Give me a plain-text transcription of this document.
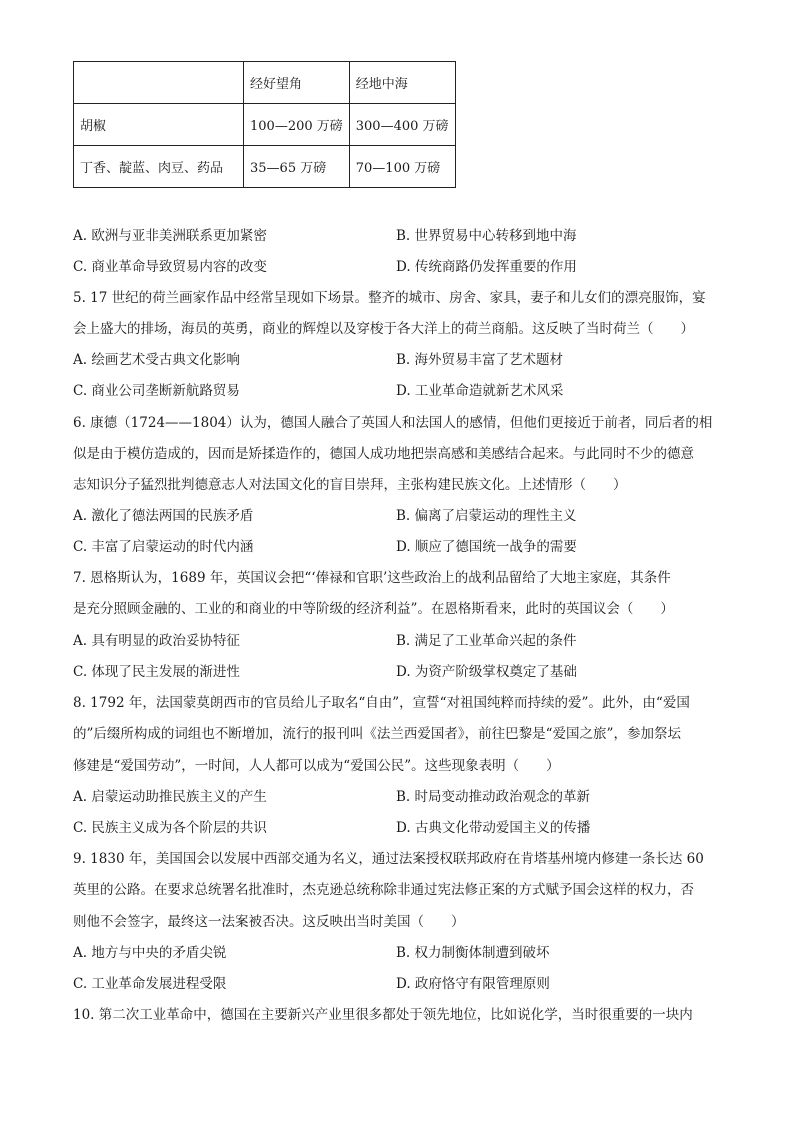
	经好望角	经地中海
胡椒	100—200 万磅	300—400 万磅
丁香、靛蓝、肉豆、药品	35—65 万磅	70—100 万磅
A. 欧洲与亚非美洲联系更加紧密	B. 世界贸易中心转移到地中海
C. 商业革命导致贸易内容的改变	D. 传统商路仍发挥重要的作用
5. 17 世纪的荷兰画家作品中经常呈现如下场景。整齐的城市、房舍、家具，妻子和儿女们的漂亮服饰，宴
会上盛大的排场，海员的英勇，商业的辉煌以及穿梭于各大洋上的荷兰商船。这反映了当时荷兰（　　）
A. 绘画艺术受古典文化影响	B. 海外贸易丰富了艺术题材
C. 商业公司垄断新航路贸易	D. 工业革命造就新艺术风采
6. 康德（1724——1804）认为，德国人融合了英国人和法国人的感情，但他们更接近于前者，同后者的相
似是由于模仿造成的，因而是矫揉造作的，德国人成功地把崇高感和美感结合起来。与此同时不少的德意
志知识分子猛烈批判德意志人对法国文化的盲目崇拜，主张构建民族文化。上述情形（　　）
A. 激化了德法两国的民族矛盾	B. 偏离了启蒙运动的理性主义
C. 丰富了启蒙运动的时代内涵	D. 顺应了德国统一战争的需要
7. 恩格斯认为，1689 年，英国议会把“‘俸禄和官职’这些政治上的战利品留给了大地主家庭，其条件
是充分照顾金融的、工业的和商业的中等阶级的经济利益”。在恩格斯看来，此时的英国议会（　　）
A. 具有明显的政治妥协特征	B. 满足了工业革命兴起的条件
C. 体现了民主发展的渐进性	D. 为资产阶级掌权奠定了基础
8. 1792 年，法国蒙莫朗西市的官员给儿子取名“自由”，宣誓“对祖国纯粹而持续的爱”。此外，由“爱国
的”后缀所构成的词组也不断增加，流行的报刊叫《法兰西爱国者》，前往巴黎是“爱国之旅”，参加祭坛
修建是“爱国劳动”，一时间，人人都可以成为“爱国公民”。这些现象表明（　　）
A. 启蒙运动助推民族主义的产生	B. 时局变动推动政治观念的革新
C. 民族主义成为各个阶层的共识	D. 古典文化带动爱国主义的传播
9. 1830 年，美国国会以发展中西部交通为名义，通过法案授权联邦政府在肯塔基州境内修建一条长达 60
英里的公路。在要求总统署名批准时，杰克逊总统称除非通过宪法修正案的方式赋予国会这样的权力，否
则他不会签字，最终这一法案被否决。这反映出当时美国（　　）
A. 地方与中央的矛盾尖锐	B. 权力制衡体制遭到破坏
C. 工业革命发展进程受限	D. 政府恪守有限管理原则
10. 第二次工业革命中，德国在主要新兴产业里很多都处于领先地位，比如说化学，当时很重要的一块内
